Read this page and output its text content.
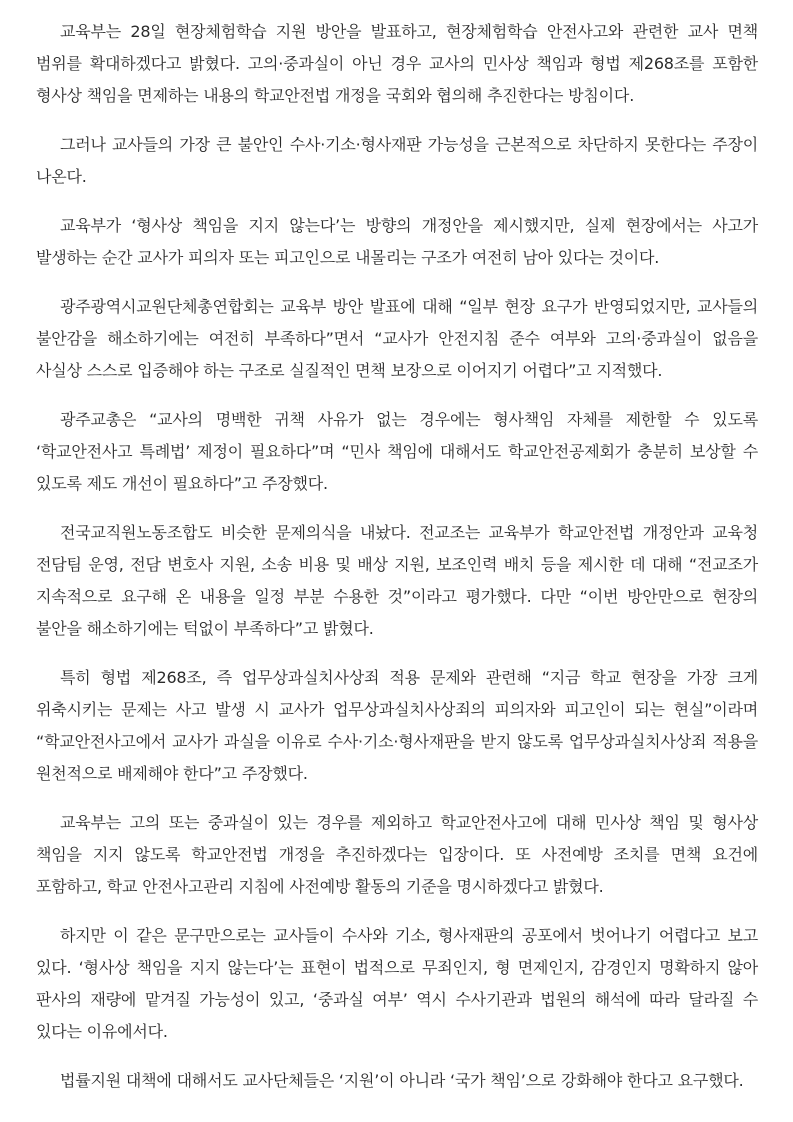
교육부는 28일 현장체험학습 지원 방안을 발표하고, 현장체험학습 안전사고와 관련한 교사 면책 범위를 확대하겠다고 밝혔다. 고의·중과실이 아닌 경우 교사의 민사상 책임과 형법 제268조를 포함한 형사상 책임을 면제하는 내용의 학교안전법 개정을 국회와 협의해 추진한다는 방침이다.

그러나 교사들의 가장 큰 불안인 수사·기소·형사재판 가능성을 근본적으로 차단하지 못한다는 주장이 나온다.

교육부가 ‘형사상 책임을 지지 않는다’는 방향의 개정안을 제시했지만, 실제 현장에서는 사고가 발생하는 순간 교사가 피의자 또는 피고인으로 내몰리는 구조가 여전히 남아 있다는 것이다.

광주광역시교원단체총연합회는 교육부 방안 발표에 대해 “일부 현장 요구가 반영되었지만, 교사들의 불안감을 해소하기에는 여전히 부족하다”면서 “교사가 안전지침 준수 여부와 고의·중과실이 없음을 사실상 스스로 입증해야 하는 구조로 실질적인 면책 보장으로 이어지기 어렵다”고 지적했다.

광주교총은 “교사의 명백한 귀책 사유가 없는 경우에는 형사책임 자체를 제한할 수 있도록 ‘학교안전사고 특례법’ 제정이 필요하다”며 “민사 책임에 대해서도 학교안전공제회가 충분히 보상할 수 있도록 제도 개선이 필요하다”고 주장했다.

전국교직원노동조합도 비슷한 문제의식을 내놨다. 전교조는 교육부가 학교안전법 개정안과 교육청 전담팀 운영, 전담 변호사 지원, 소송 비용 및 배상 지원, 보조인력 배치 등을 제시한 데 대해 “전교조가 지속적으로 요구해 온 내용을 일정 부분 수용한 것”이라고 평가했다. 다만 “이번 방안만으로 현장의 불안을 해소하기에는 턱없이 부족하다”고 밝혔다.

특히 형법 제268조, 즉 업무상과실치사상죄 적용 문제와 관련해 “지금 학교 현장을 가장 크게 위축시키는 문제는 사고 발생 시 교사가 업무상과실치사상죄의 피의자와 피고인이 되는 현실”이라며 “학교안전사고에서 교사가 과실을 이유로 수사·기소·형사재판을 받지 않도록 업무상과실치사상죄 적용을 원천적으로 배제해야 한다”고 주장했다.

교육부는 고의 또는 중과실이 있는 경우를 제외하고 학교안전사고에 대해 민사상 책임 및 형사상 책임을 지지 않도록 학교안전법 개정을 추진하겠다는 입장이다. 또 사전예방 조치를 면책 요건에 포함하고, 학교 안전사고관리 지침에 사전예방 활동의 기준을 명시하겠다고 밝혔다.

하지만 이 같은 문구만으로는 교사들이 수사와 기소, 형사재판의 공포에서 벗어나기 어렵다고 보고 있다. ‘형사상 책임을 지지 않는다’는 표현이 법적으로 무죄인지, 형 면제인지, 감경인지 명확하지 않아 판사의 재량에 맡겨질 가능성이 있고, ‘중과실 여부’ 역시 수사기관과 법원의 해석에 따라 달라질 수 있다는 이유에서다.

법률지원 대책에 대해서도 교사단체들은 ‘지원’이 아니라 ‘국가 책임’으로 강화해야 한다고 요구했다.
